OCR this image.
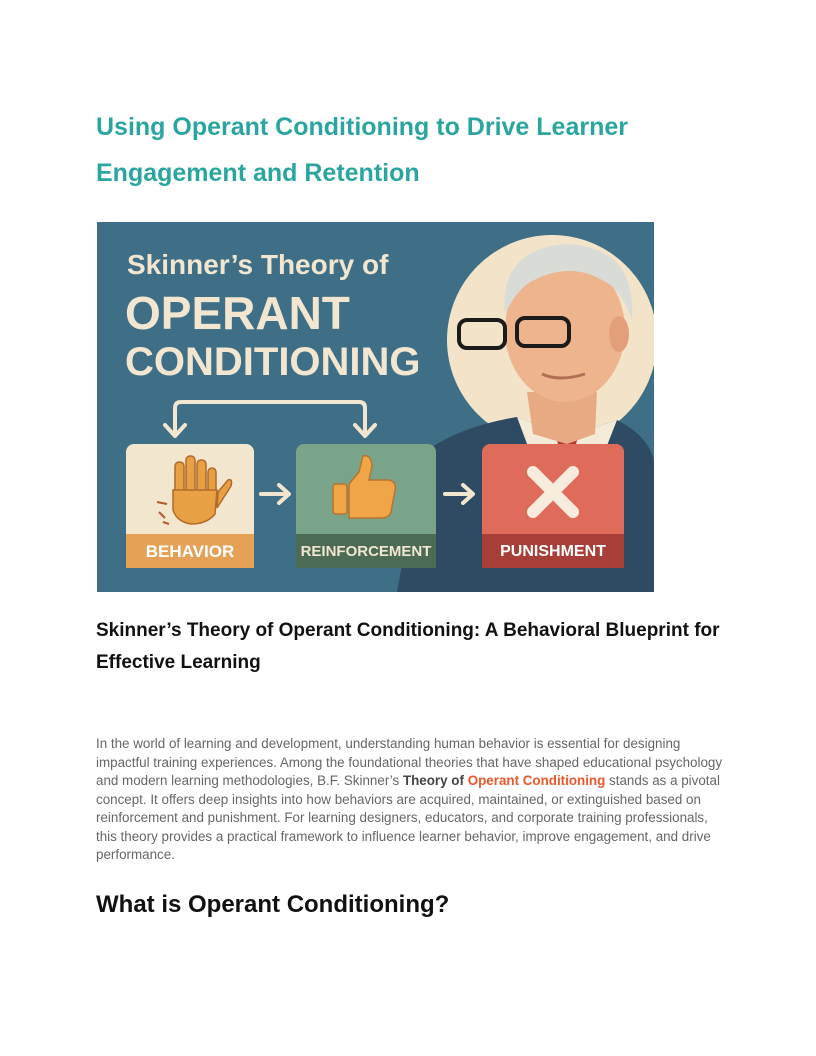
Using Operant Conditioning to Drive Learner Engagement and Retention
Skinner’s Theory of
OPERANT
CONDITIONING
BEHAVIOR	REINFORCEMENT	PUNISHMENT
Skinner’s Theory of Operant Conditioning: A Behavioral Blueprint for Effective Learning

In the world of learning and development, understanding human behavior is essential for designing impactful training experiences. Among the foundational theories that have shaped educational psychology and modern learning methodologies, B.F. Skinner’s Theory of Operant Conditioning stands as a pivotal concept. It offers deep insights into how behaviors are acquired, maintained, or extinguished based on reinforcement and punishment. For learning designers, educators, and corporate training professionals, this theory provides a practical framework to influence learner behavior, improve engagement, and drive performance.

What is Operant Conditioning?
